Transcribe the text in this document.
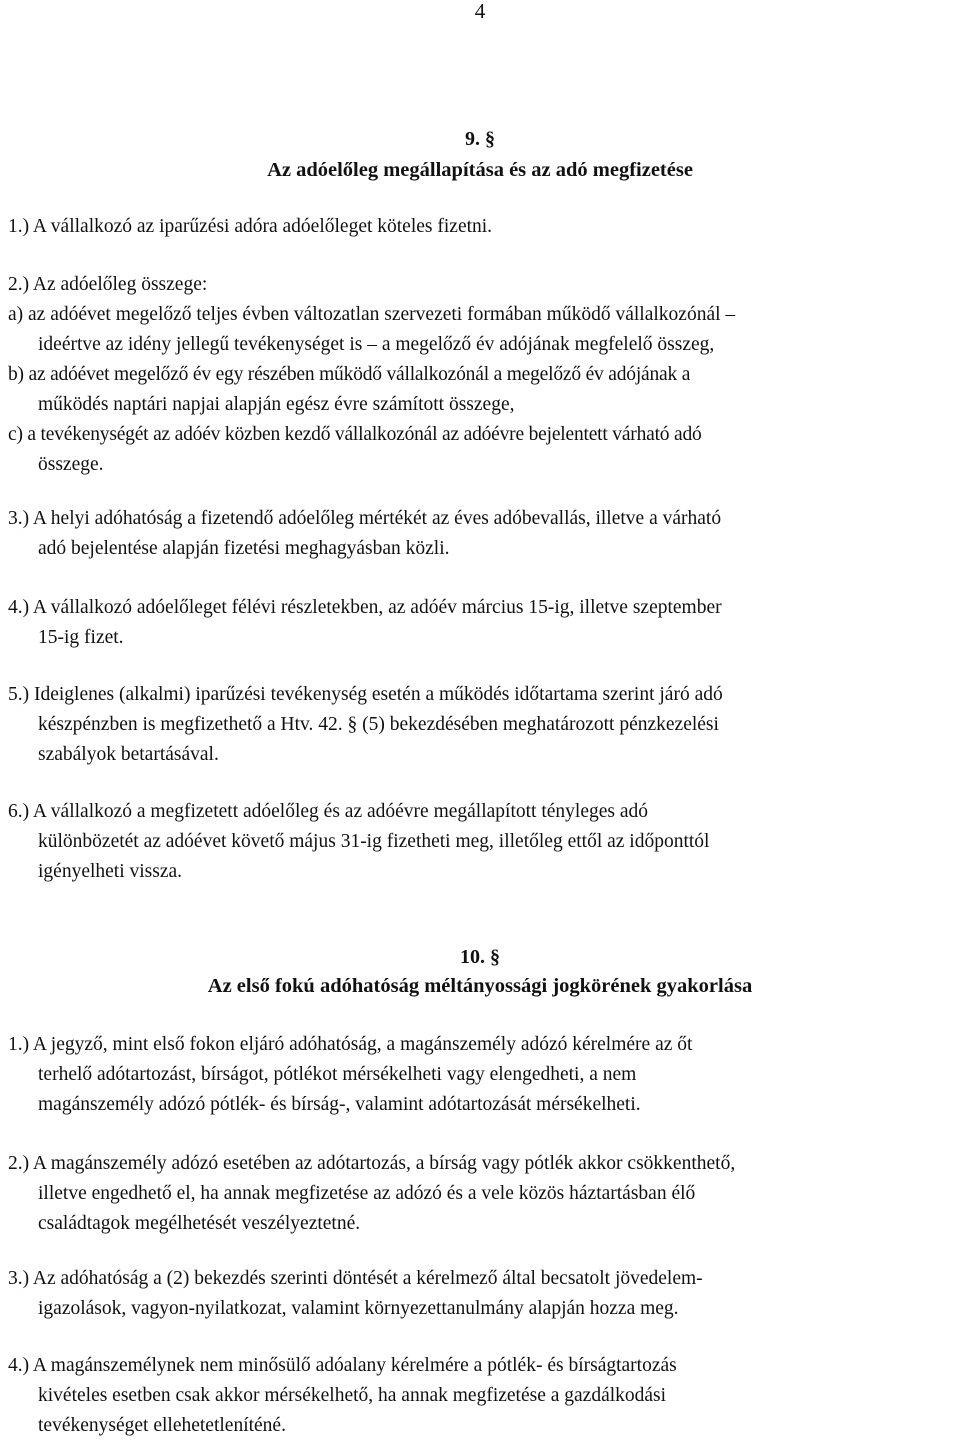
4
9. §
Az adóelőleg megállapítása és az adó megfizetése
1.) A vállalkozó az iparűzési adóra adóelőleget köteles fizetni.
2.) Az adóelőleg összege:
a) az adóévet megelőző teljes évben változatlan szervezeti formában működő vállalkozónál –
ideértve az idény jellegű tevékenységet is – a megelőző év adójának megfelelő összeg,
b) az adóévet megelőző év egy részében működő vállalkozónál a megelőző év adójának a
működés naptári napjai alapján egész évre számított összege,
c) a tevékenységét az adóév közben kezdő vállalkozónál az adóévre bejelentett várható adó
összege.
3.) A helyi adóhatóság a fizetendő adóelőleg mértékét az éves adóbevallás, illetve a várható
adó bejelentése alapján fizetési meghagyásban közli.
4.) A vállalkozó adóelőleget félévi részletekben, az adóév március 15-ig, illetve szeptember
15-ig fizet.
5.) Ideiglenes (alkalmi) iparűzési tevékenység esetén a működés időtartama szerint járó adó
készpénzben is megfizethető a Htv. 42. § (5) bekezdésében meghatározott pénzkezelési
szabályok betartásával.
6.) A vállalkozó a megfizetett adóelőleg és az adóévre megállapított tényleges adó
különbözetét az adóévet követő május 31-ig fizetheti meg, illetőleg ettől az időponttól
igényelheti vissza.
10. §
Az első fokú adóhatóság méltányossági jogkörének gyakorlása
1.) A jegyző, mint első fokon eljáró adóhatóság, a magánszemély adózó kérelmére az őt
terhelő adótartozást, bírságot, pótlékot mérsékelheti vagy elengedheti, a nem
magánszemély adózó pótlék- és bírság-, valamint adótartozását mérsékelheti.
2.) A magánszemély adózó esetében az adótartozás, a bírság vagy pótlék akkor csökkenthető,
illetve engedhető el, ha annak megfizetése az adózó és a vele közös háztartásban élő
családtagok megélhetését veszélyeztetné.
3.) Az adóhatóság a (2) bekezdés szerinti döntését a kérelmező által becsatolt jövedelem-
igazolások, vagyon-nyilatkozat, valamint környezettanulmány alapján hozza meg.
4.) A magánszemélynek nem minősülő adóalany kérelmére a pótlék- és bírságtartozás
kivételes esetben csak akkor mérsékelhető, ha annak megfizetése a gazdálkodási
tevékenységet ellehetetleníténé.
